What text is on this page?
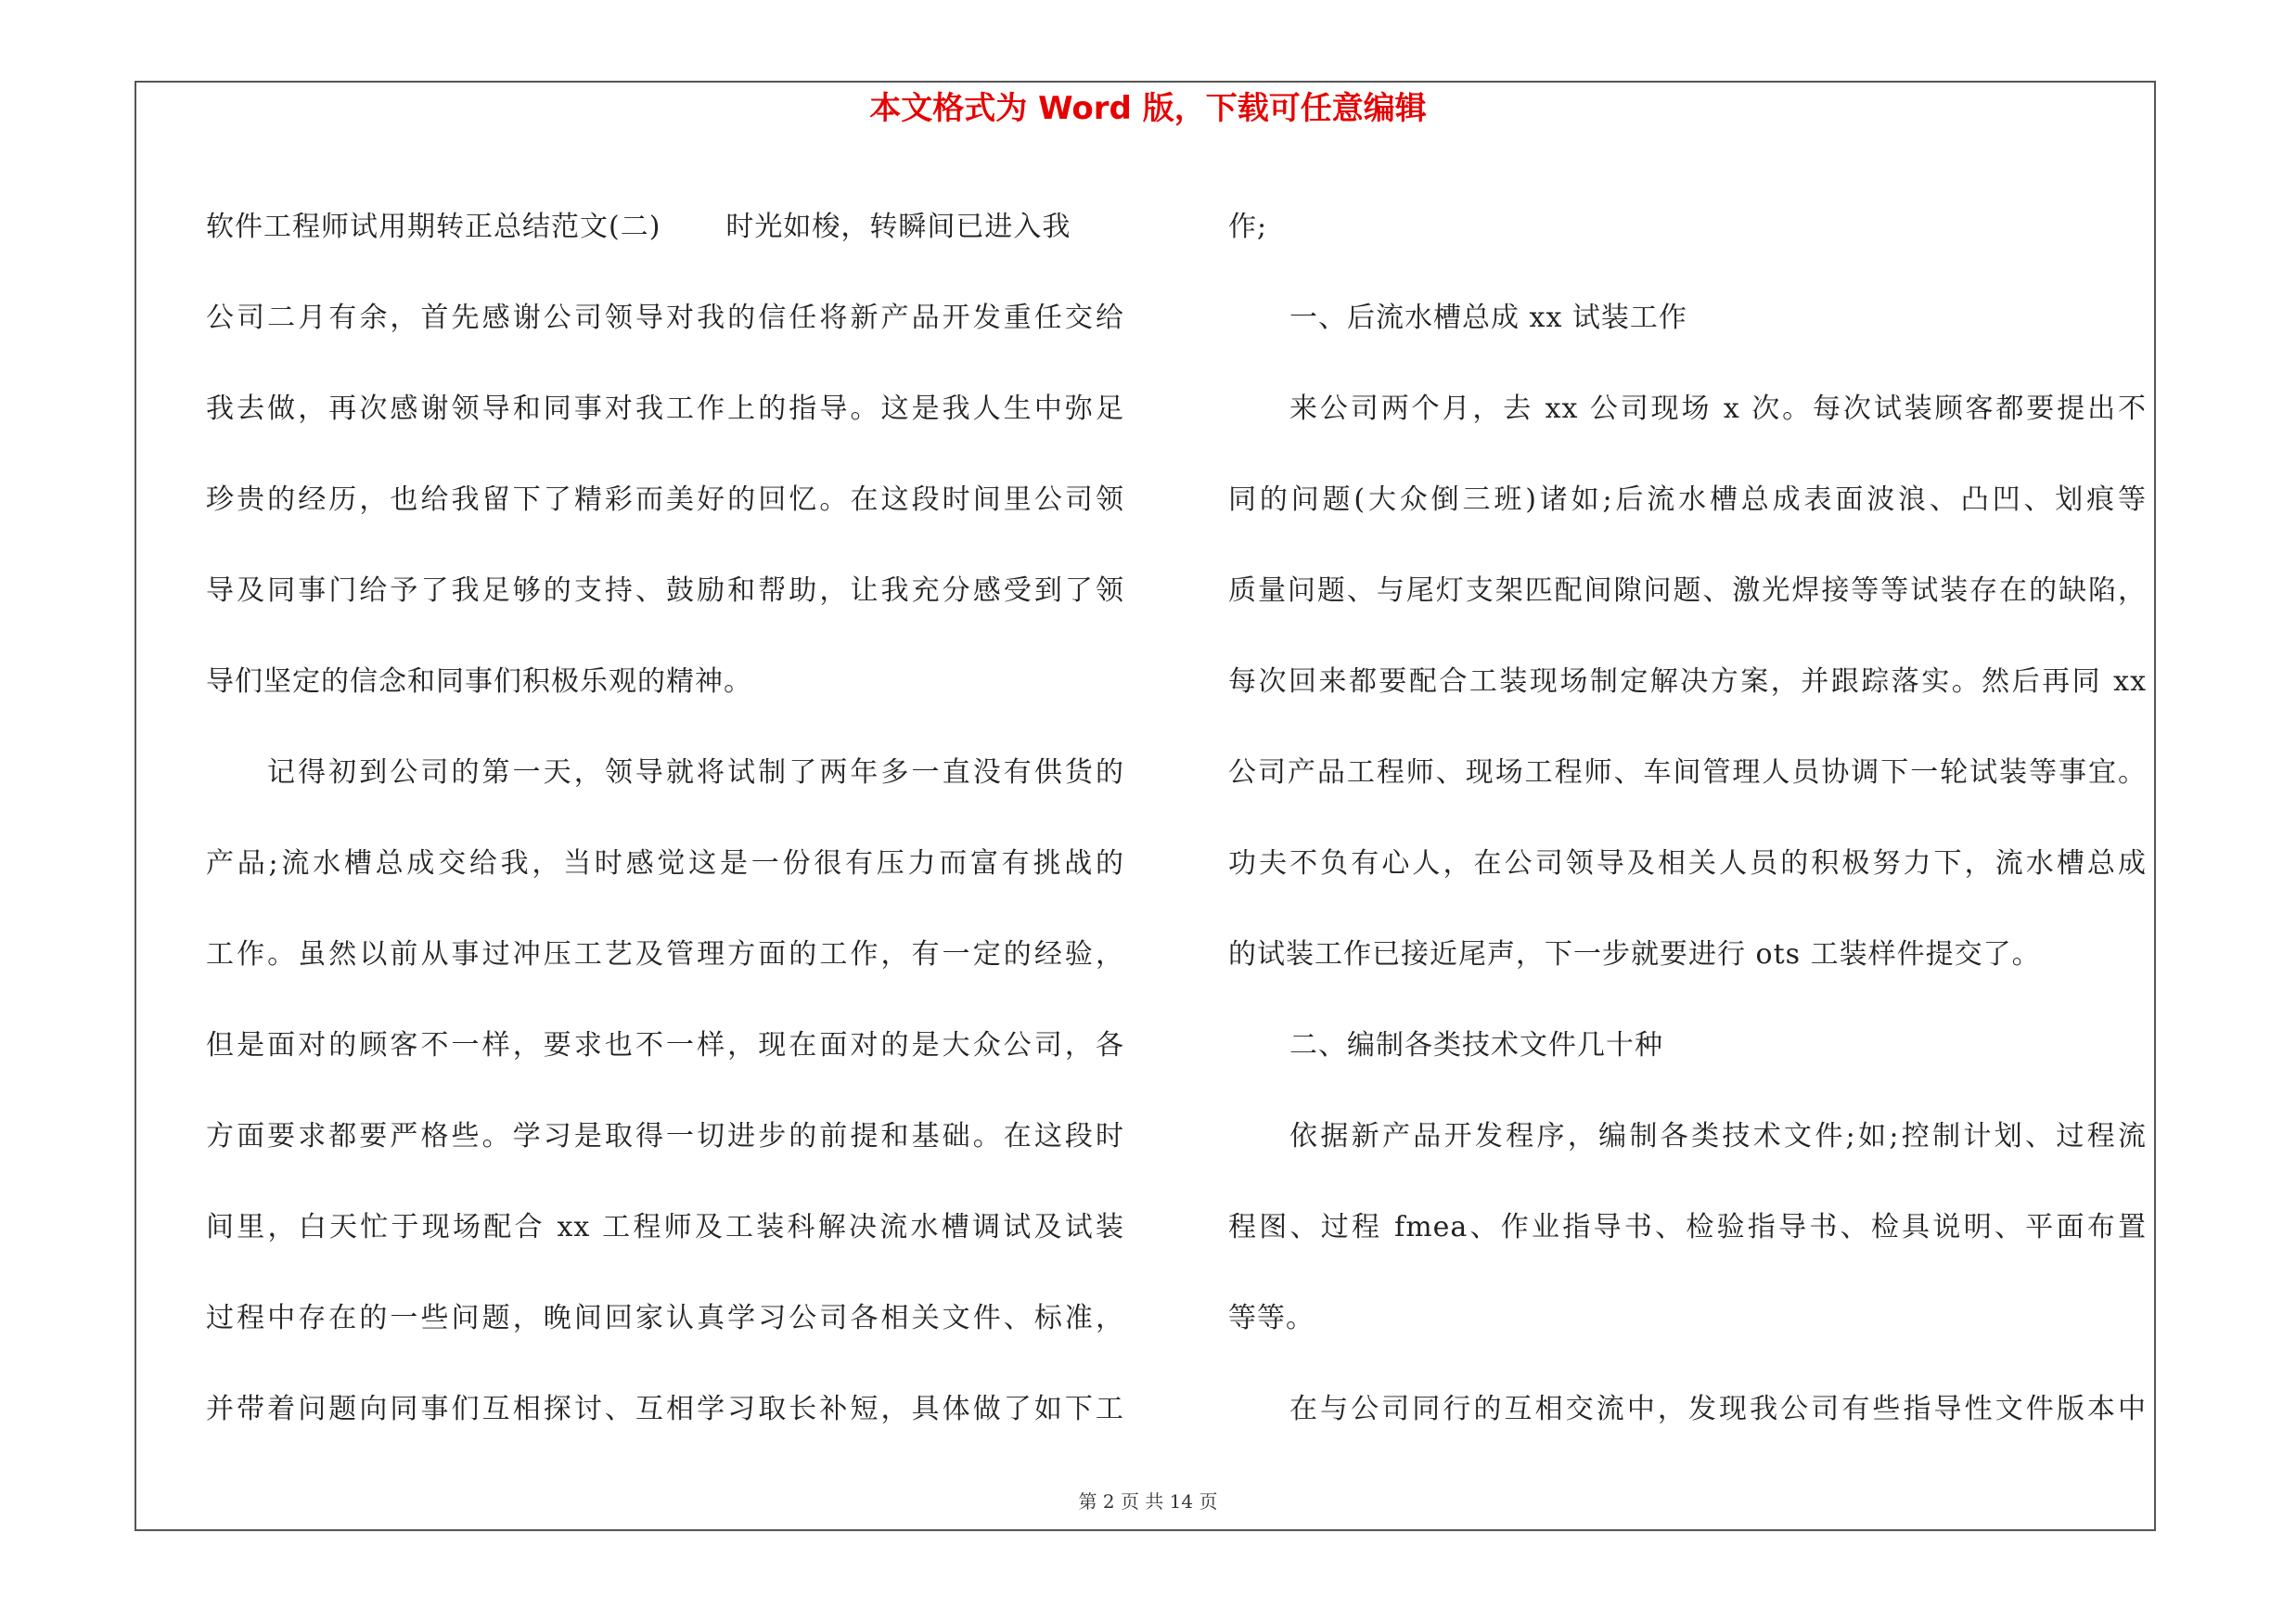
本文格式为 Word 版，下载可任意编辑
软件工程师试用期转正总结范文(二) 时光如梭，转瞬间已进入我
公司二月有余，首先感谢公司领导对我的信任将新产品开发重任交给
我去做，再次感谢领导和同事对我工作上的指导。这是我人生中弥足
珍贵的经历，也给我留下了精彩而美好的回忆。在这段时间里公司领
导及同事门给予了我足够的支持、鼓励和帮助，让我充分感受到了领
导们坚定的信念和同事们积极乐观的精神。
记得初到公司的第一天，领导就将试制了两年多一直没有供货的
产品;流水槽总成交给我，当时感觉这是一份很有压力而富有挑战的
工作。虽然以前从事过冲压工艺及管理方面的工作，有一定的经验，
但是面对的顾客不一样，要求也不一样，现在面对的是大众公司，各
方面要求都要严格些。学习是取得一切进步的前提和基础。在这段时
间里，白天忙于现场配合 xx 工程师及工装科解决流水槽调试及试装
过程中存在的一些问题，晚间回家认真学习公司各相关文件、标准，
并带着问题向同事们互相探讨、互相学习取长补短，具体做了如下工
作;
一、后流水槽总成 xx 试装工作
来公司两个月，去 xx 公司现场 x 次。每次试装顾客都要提出不
同的问题(大众倒三班)诸如;后流水槽总成表面波浪、凸凹、划痕等
质量问题、与尾灯支架匹配间隙问题、激光焊接等等试装存在的缺陷，
每次回来都要配合工装现场制定解决方案，并跟踪落实。然后再同 xx
公司产品工程师、现场工程师、车间管理人员协调下一轮试装等事宜。
功夫不负有心人，在公司领导及相关人员的积极努力下，流水槽总成
的试装工作已接近尾声，下一步就要进行 ots 工装样件提交了。
二、编制各类技术文件几十种
依据新产品开发程序，编制各类技术文件;如;控制计划、过程流
程图、过程 fmea、作业指导书、检验指导书、检具说明、平面布置
等等。
在与公司同行的互相交流中，发现我公司有些指导性文件版本中
第 2 页 共 14 页
